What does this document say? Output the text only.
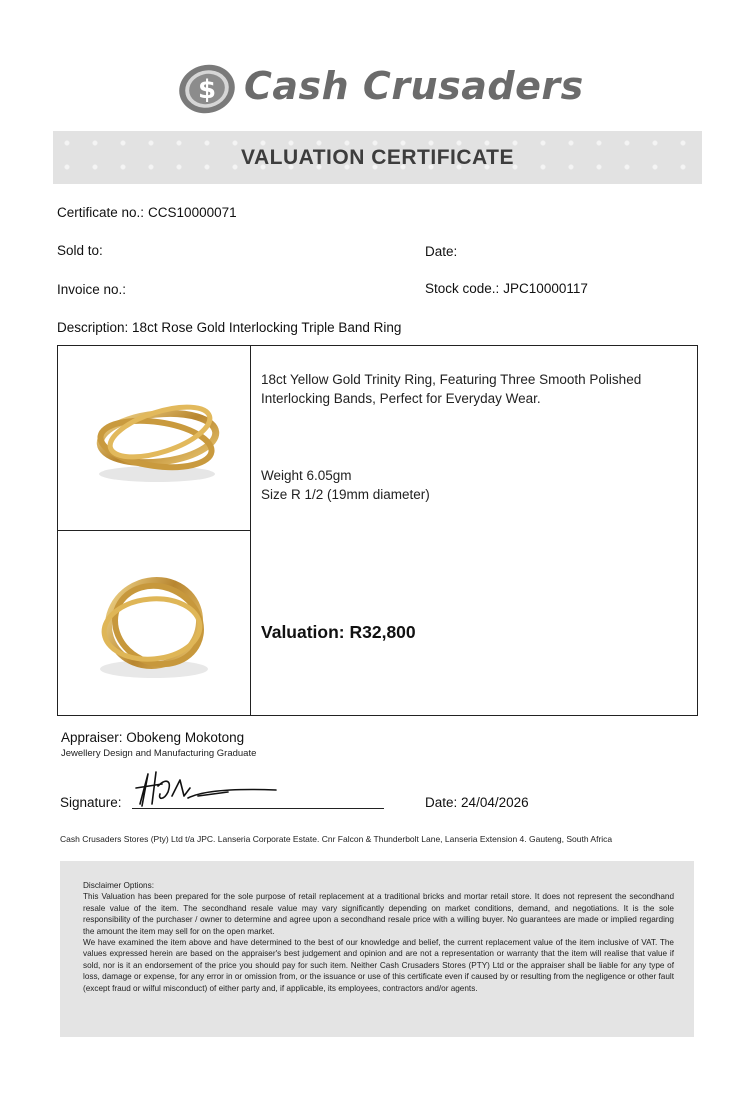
$ Cash Crusaders
VALUATION CERTIFICATE
Certificate no.: CCS10000071
Sold to:	Date:
Invoice no.:	Stock code.: JPC10000117
Description: 18ct Rose Gold Interlocking Triple Band Ring

18ct Yellow Gold Trinity Ring, Featuring Three Smooth Polished Interlocking Bands, Perfect for Everyday Wear.

Weight 6.05gm
Size R 1/2 (19mm diameter)
Valuation: R32,800
Appraiser: Obokeng Mokotong
Jewellery Design and Manufacturing Graduate
Signature:	Date: 24/04/2026
Cash Crusaders Stores (Pty) Ltd t/a JPC. Lanseria Corporate Estate. Cnr Falcon & Thunderbolt Lane, Lanseria Extension 4. Gauteng, South Africa

Disclaimer Options:

This Valuation has been prepared for the sole purpose of retail replacement at a traditional bricks and mortar retail store. It does not represent the secondhand resale value of the item. The secondhand resale value may vary significantly depending on market conditions, demand, and negotiations. It is the sole responsibility of the purchaser / owner to determine and agree upon a secondhand resale price with a willing buyer. No guarantees are made or implied regarding the amount the item may sell for on the open market.

We have examined the item above and have determined to the best of our knowledge and belief, the current replacement value of the item inclusive of VAT. The values expressed herein are based on the appraiser's best judgement and opinion and are not a representation or warranty that the item will realise that value if sold, nor is it an endorsement of the price you should pay for such item. Neither Cash Crusaders Stores (PTY) Ltd or the appraiser shall be liable for any type of loss, damage or expense, for any error in or omission from, or the issuance or use of this certificate even if caused by or resulting from the negligence or other fault (except fraud or wilful misconduct) of either party and, if applicable, its employees, contractors and/or agents.
